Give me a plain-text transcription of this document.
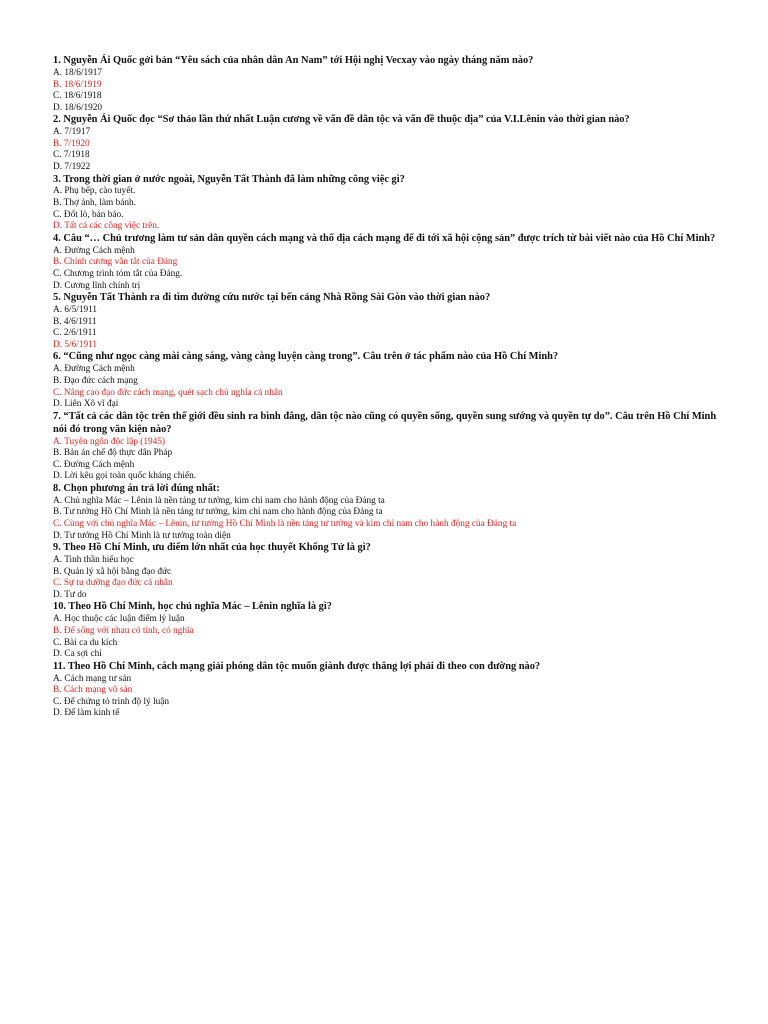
1. Nguyễn Ái Quốc gởi bản “Yêu sách của nhân dân An Nam” tới Hội nghị Vecxay vào ngày tháng năm nào?
A. 18/6/1917
B. 18/6/1919
C. 18/6/1918
D. 18/6/1920
2. Nguyễn Ái Quốc đọc “Sơ thảo lần thứ nhất Luận cương về vấn đề dân tộc và vấn đề thuộc địa” của V.I.Lênin vào thời gian nào?
A. 7/1917
B. 7/1920
C. 7/1918
D. 7/1922
3. Trong thời gian ở nước ngoài, Nguyễn Tất Thành đã làm những công việc gì?
A. Phụ bếp, cào tuyết.
B. Thợ ảnh, làm bánh.
C. Đốt lò, bán báo.
D. Tất cả các công việc trên.
4. Câu “… Chủ trương làm tư sản dân quyền cách mạng và thổ địa cách mạng để đi tới xã hội cộng sản” được trích từ bài viết nào của Hồ Chí Minh?
A. Đường Cách mệnh
B. Chính cương vắn tắt của Đảng
C. Chương trình tóm tắt của Đảng.
D. Cương lĩnh chính trị
5. Nguyễn Tất Thành ra đi tìm đường cứu nước tại bến cảng Nhà Rồng Sài Gòn vào thời gian nào?
A. 6/5/1911
B. 4/6/1911
C. 2/6/1911
D. 5/6/1911
6. “Cũng như ngọc càng mài càng sáng, vàng càng luyện càng trong”. Câu trên ở tác phẩm nào của Hồ Chí Minh?
A. Đường Cách mệnh
B. Đạo đức cách mạng
C. Nâng cao đạo đức cách mạng, quét sạch chủ nghĩa cá nhân
D. Liên Xô vĩ đại
7. “Tất cả các dân tộc trên thế giới đều sinh ra bình đẳng, dân tộc nào cũng có quyền sống, quyền sung sướng và quyền tự do”. Câu trên Hồ Chí Minh nói đó trong văn kiện nào?
A. Tuyên ngôn độc lập (1945)
B. Bản án chế độ thực dân Pháp
C. Đường Cách mệnh
D. Lời kêu gọi toàn quốc kháng chiến.
8. Chọn phương án trả lời đúng nhất:
A. Chủ nghĩa Mác – Lênin là nền tảng tư tưởng, kim chỉ nam cho hành động của Đảng ta
B. Tư tưởng Hồ Chí Minh là nền tảng tư tưởng, kim chỉ nam cho hành động của Đảng ta
C. Cùng với chủ nghĩa Mác – Lênin, tư tưởng Hồ Chí Minh là nền tảng tư tưởng và kim chỉ nam cho hành động của Đảng ta
D. Tư tưởng Hồ Chí Minh là tư tưởng toàn diện
9. Theo Hồ Chí Minh, ưu điểm lớn nhất của học thuyết Khổng Tử là gì?
A. Tinh thần hiếu học
B. Quản lý xã hội bằng đạo đức
C. Sự tu dưỡng đạo đức cá nhân
D. Tư do
10. Theo Hồ Chí Minh, học chủ nghĩa Mác – Lênin nghĩa là gì?
A. Học thuộc các luận điểm lý luận
B. Để sống với nhau có tình, có nghĩa
C. Bài ca du kích
D. Ca sợi chỉ
11. Theo Hồ Chí Minh, cách mạng giải phóng dân tộc muốn giành được thắng lợi phải đi theo con đường nào?
A. Cách mạng tư sản
B. Cách mạng vô sản
C. Để chứng tỏ trình độ lý luận
D. Để làm kinh tế
